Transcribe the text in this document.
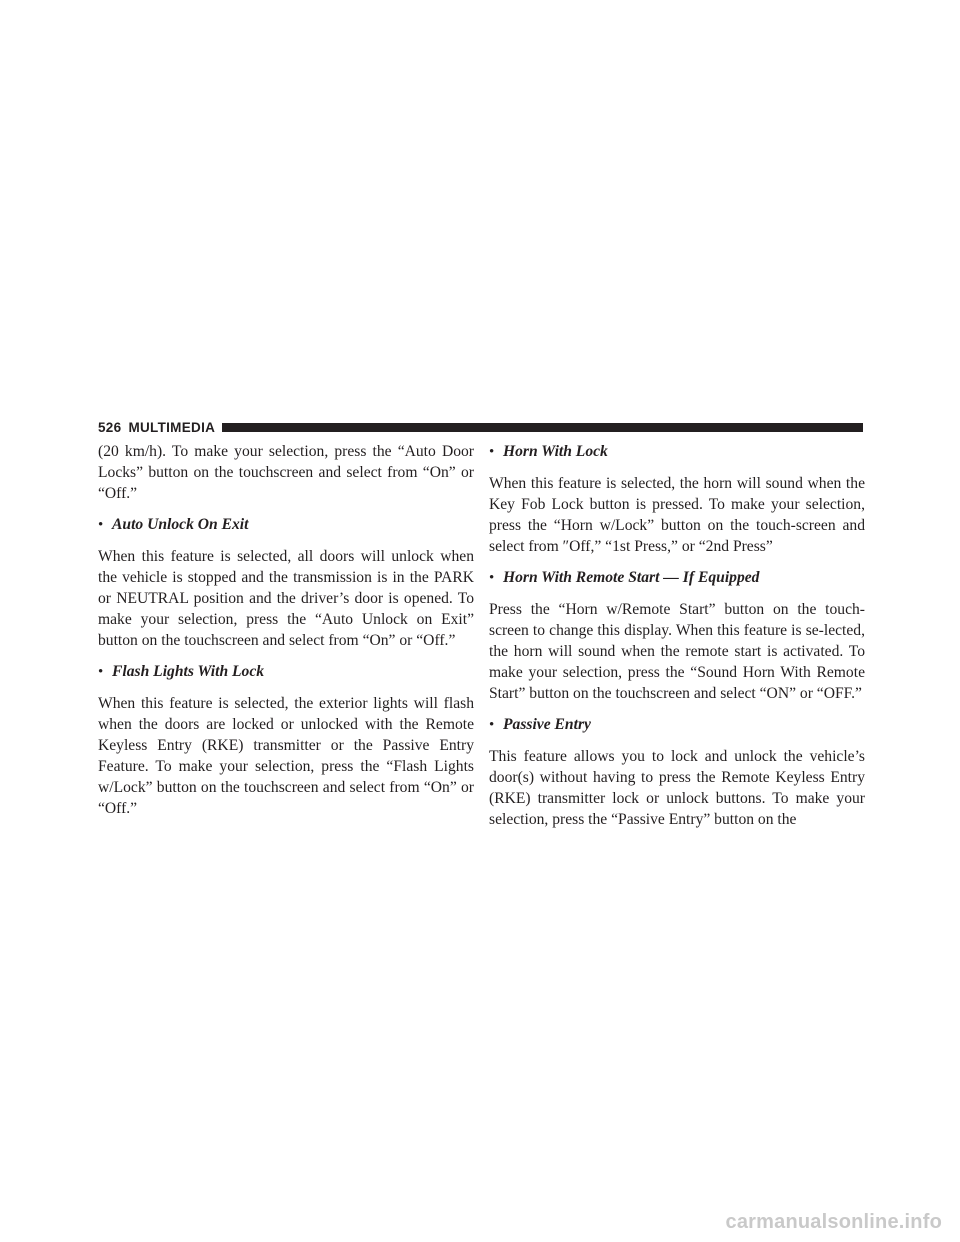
526 MULTIMEDIA

(20 km/h). To make your selection, press the “Auto Door Locks” button on the touchscreen and select from “On” or “Off.”

• Auto Unlock On Exit

When this feature is selected, all doors will unlock when the vehicle is stopped and the transmission is in the PARK or NEUTRAL position and the driver’s door is opened. To make your selection, press the “Auto Unlock on Exit” button on the touchscreen and select from “On” or “Off.”

• Flash Lights With Lock

When this feature is selected, the exterior lights will flash when the doors are locked or unlocked with the Remote Keyless Entry (RKE) transmitter or the Passive Entry Feature. To make your selection, press the “Flash Lights w/Lock” button on the touchscreen and select from “On” or “Off.”

• Horn With Lock

When this feature is selected, the horn will sound when the Key Fob Lock button is pressed. To make your selection, press the “Horn w/Lock” button on the touch-screen and select from ″Off,” “1st Press,” or “2nd Press”

• Horn With Remote Start — If Equipped

Press the “Horn w/Remote Start” button on the touch-screen to change this display. When this feature is se-lected, the horn will sound when the remote start is activated. To make your selection, press the “Sound Horn With Remote Start” button on the touchscreen and select “ON” or “OFF.”

• Passive Entry

This feature allows you to lock and unlock the vehicle’s door(s) without having to press the Remote Keyless Entry (RKE) transmitter lock or unlock buttons. To make your selection, press the “Passive Entry” button on the

carmanualsonline.info
